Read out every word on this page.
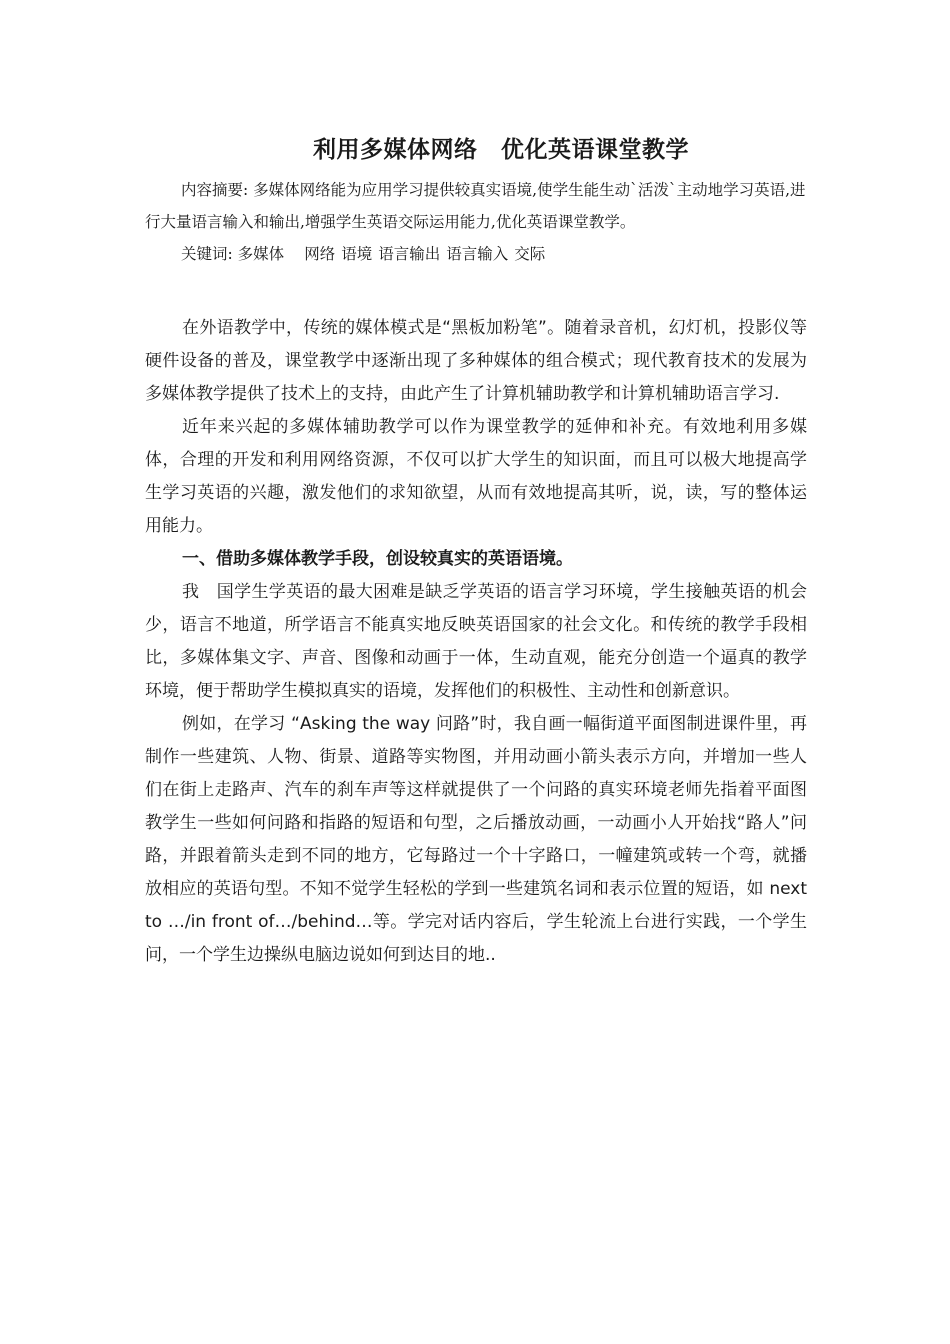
利用多媒体网络　优化英语课堂教学

内容摘要: 多媒体网络能为应用学习提供较真实语境,使学生能生动`活泼`主动地学习英语,进行大量语言输入和输出,增强学生英语交际运用能力,优化英语课堂教学。

关键词: 多媒体 网络 语境 语言输出 语言输入 交际

在外语教学中，传统的媒体模式是“黑板加粉笔”。随着录音机，幻灯机，投影仪等硬件设备的普及，课堂教学中逐渐出现了多种媒体的组合模式；现代教育技术的发展为多媒体教学提供了技术上的支持，由此产生了计算机辅助教学和计算机辅助语言学习.

近年来兴起的多媒体辅助教学可以作为课堂教学的延伸和补充。有效地利用多媒体，合理的开发和利用网络资源，不仅可以扩大学生的知识面，而且可以极大地提高学生学习英语的兴趣，激发他们的求知欲望，从而有效地提高其听，说，读，写的整体运用能力。

一、借助多媒体教学手段，创设较真实的英语语境。

我　国学生学英语的最大困难是缺乏学英语的语言学习环境，学生接触英语的机会少，语言不地道，所学语言不能真实地反映英语国家的社会文化。和传统的教学手段相比，多媒体集文字、声音、图像和动画于一体，生动直观，能充分创造一个逼真的教学环境，便于帮助学生模拟真实的语境，发挥他们的积极性、主动性和创新意识。

例如，在学习 “Asking the way 问路”时，我自画一幅街道平面图制进课件里，再制作一些建筑、人物、街景、道路等实物图，并用动画小箭头表示方向，并增加一些人们在街上走路声、汽车的刹车声等这样就提供了一个问路的真实环境老师先指着平面图教学生一些如何问路和指路的短语和句型，之后播放动画，一动画小人开始找“路人”问路，并跟着箭头走到不同的地方，它每路过一个十字路口，一幢建筑或转一个弯，就播放相应的英语句型。不知不觉学生轻松的学到一些建筑名词和表示位置的短语，如 next to …/in front of…/behind…等。学完对话内容后，学生轮流上台进行实践，一个学生问，一个学生边操纵电脑边说如何到达目的地..
